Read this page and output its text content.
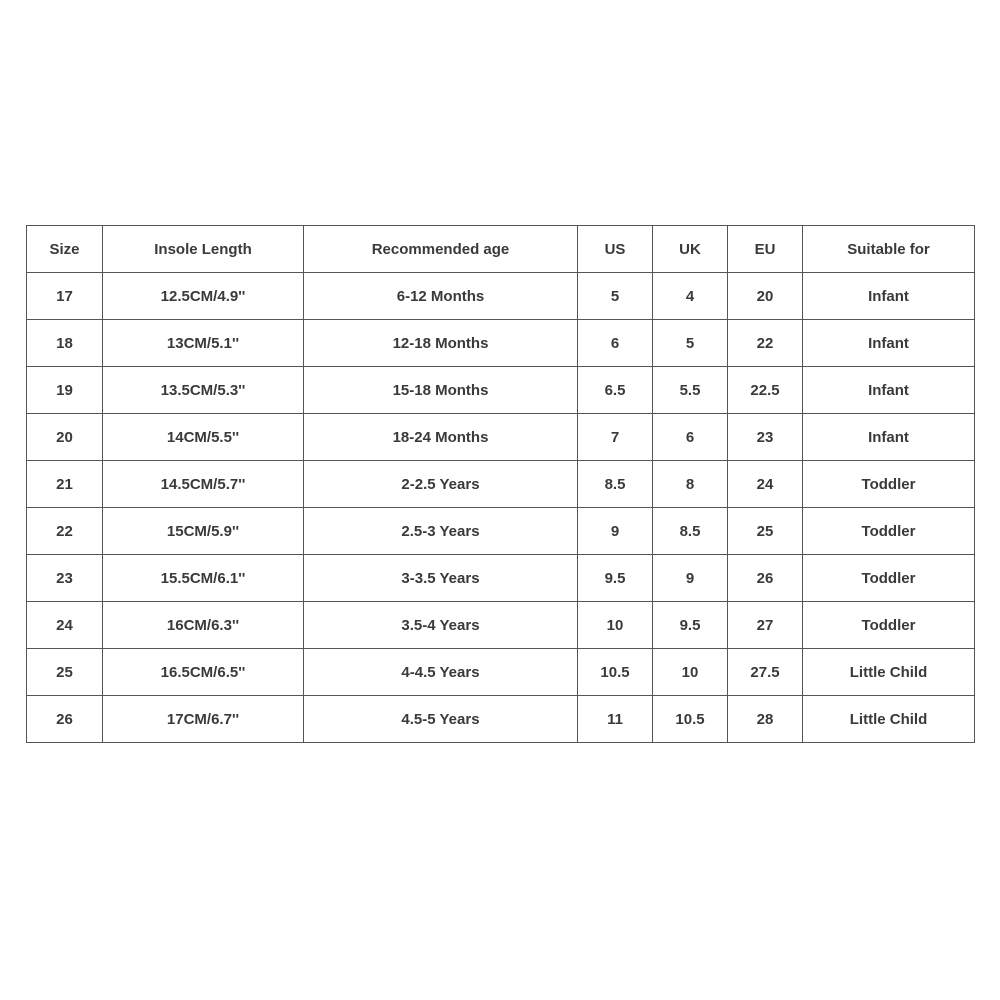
Size	Insole Length	Recommended age	US	UK	EU	Suitable for
17	12.5CM/4.9''	6-12 Months	5	4	20	Infant
18	13CM/5.1''	12-18 Months	6	5	22	Infant
19	13.5CM/5.3''	15-18 Months	6.5	5.5	22.5	Infant
20	14CM/5.5''	18-24 Months	7	6	23	Infant
21	14.5CM/5.7''	2-2.5 Years	8.5	8	24	Toddler
22	15CM/5.9''	2.5-3 Years	9	8.5	25	Toddler
23	15.5CM/6.1''	3-3.5 Years	9.5	9	26	Toddler
24	16CM/6.3''	3.5-4 Years	10	9.5	27	Toddler
25	16.5CM/6.5''	4-4.5 Years	10.5	10	27.5	Little Child
26	17CM/6.7''	4.5-5 Years	11	10.5	28	Little Child
